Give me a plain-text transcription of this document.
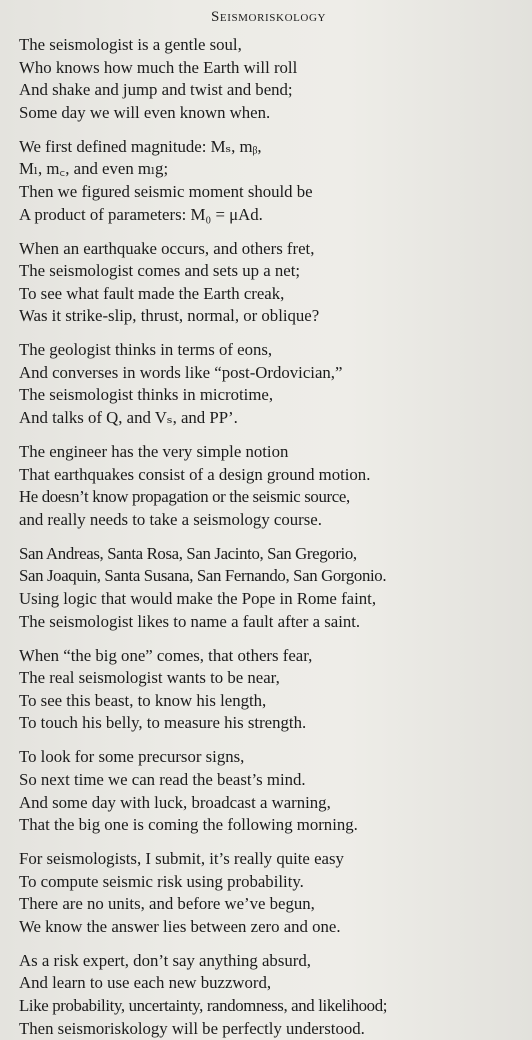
Seismoriskology
The seismologist is a gentle soul,
Who knows how much the Earth will roll
And shake and jump and twist and bend;
Some day we will even known when.
We first defined magnitude: Mₛ, mᵦ,
Mₗ, m꜀, and even mₗg;
Then we figured seismic moment should be
A product of parameters: M₀ = μAd.
When an earthquake occurs, and others fret,
The seismologist comes and sets up a net;
To see what fault made the Earth creak,
Was it strike-slip, thrust, normal, or oblique?
The geologist thinks in terms of eons,
And converses in words like “post-Ordovician,”
The seismologist thinks in microtime,
And talks of Q, and Vₛ, and PP’.
The engineer has the very simple notion
That earthquakes consist of a design ground motion.
He doesn’t know propagation or the seismic source,
and really needs to take a seismology course.
San Andreas, Santa Rosa, San Jacinto, San Gregorio,
San Joaquin, Santa Susana, San Fernando, San Gorgonio.
Using logic that would make the Pope in Rome faint,
The seismologist likes to name a fault after a saint.
When “the big one” comes, that others fear,
The real seismologist wants to be near,
To see this beast, to know his length,
To touch his belly, to measure his strength.
To look for some precursor signs,
So next time we can read the beast’s mind.
And some day with luck, broadcast a warning,
That the big one is coming the following morning.
For seismologists, I submit, it’s really quite easy
To compute seismic risk using probability.
There are no units, and before we’ve begun,
We know the answer lies between zero and one.
As a risk expert, don’t say anything absurd,
And learn to use each new buzzword,
Like probability, uncertainty, randomness, and likelihood;
Then seismoriskology will be perfectly understood.
